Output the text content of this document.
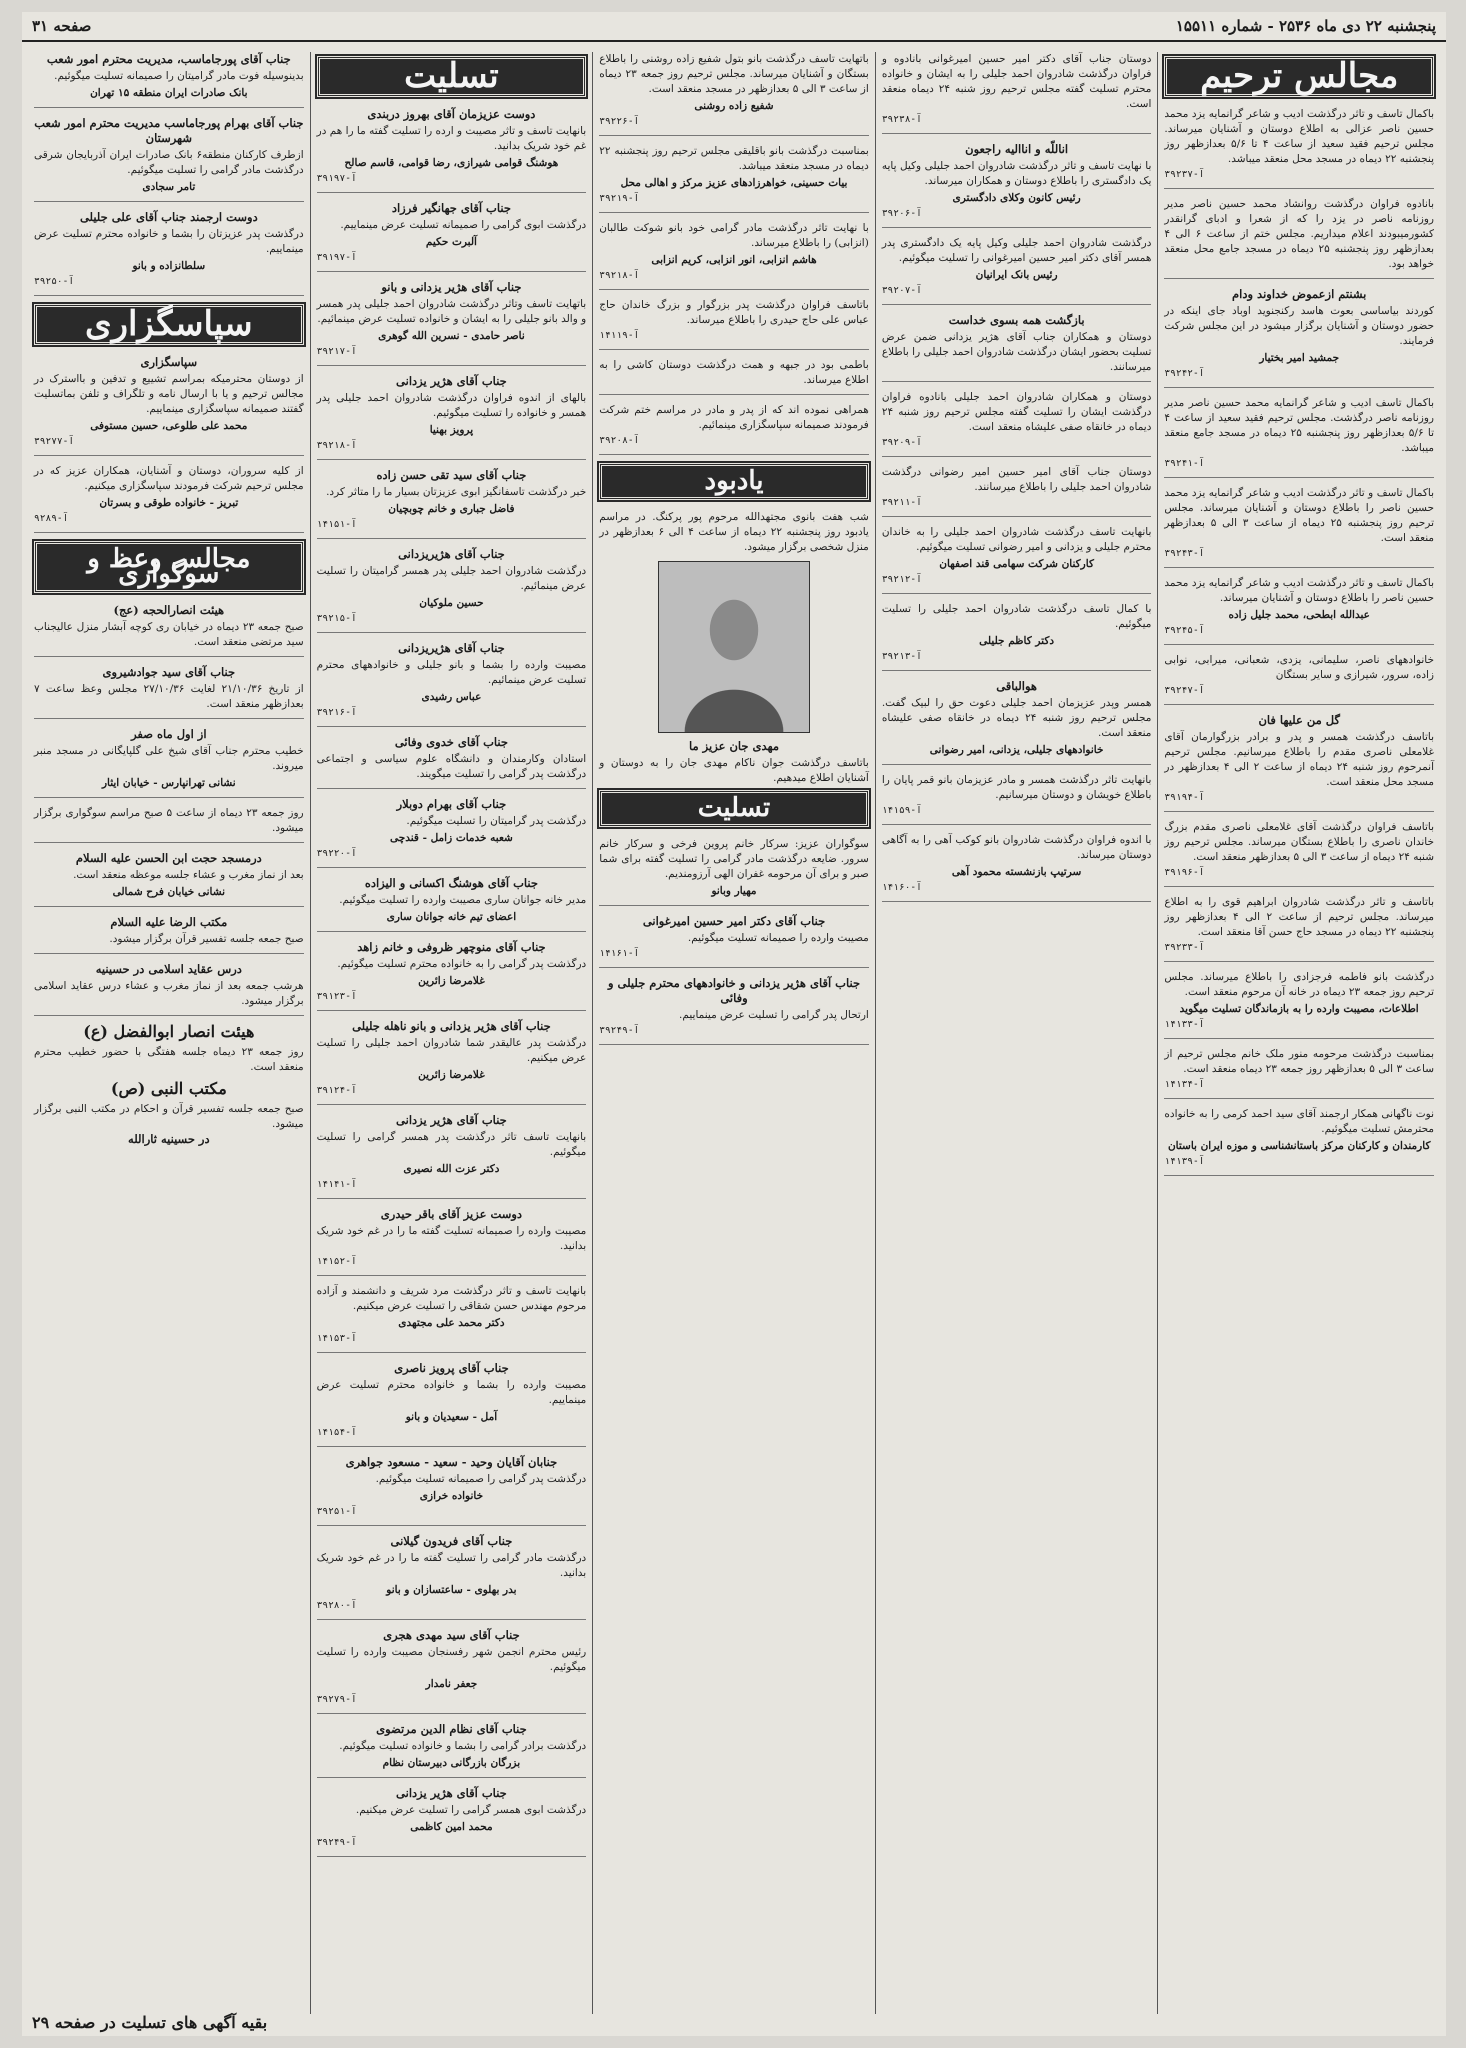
پنجشنبه ۲۲ دی ماه ۲۵۳۶ - شماره ۱۵۵۱۱
صفحه ۳۱
مجالس ترحیم
باکمال تاسف و تاثر درگذشت ادیب و شاعر گرانمایه یزد محمد حسین ناصر عزالی به اطلاع دوستان و آشنایان میرساند. مجلس ترحیم فقید سعید از ساعت ۴ تا ۵/۶ بعدازظهر روز پنجشنبه ۲۲ دیماه در مسجد محل منعقد میباشد.
آ-۳۹۲۳۷
بانادوه فراوان درگذشت روانشاد محمد حسین ناصر مدیر روزنامه ناصر در یزد را که از شعرا و ادبای گرانقدر کشورمیبودند اعلام میداریم. مجلس ختم از ساعت ۶ الی ۴ بعدازظهر روز پنجشنبه ۲۵ دیماه در مسجد جامع محل منعقد خواهد بود.
بشنتم ازعموض خداوند ودام
کوردند بیاساسی بعوت هاسد رکنجنوید اوباد جای اینکه در حضور دوستان و آشنایان برگزار میشود در این مجلس شرکت فرمایند.
جمشید امیر بختیار
آ-۳۹۲۴۲
باکمال تاسف ادیب و شاعر گرانمایه محمد حسین ناصر مدیر روزنامه ناصر درگذشت. مجلس ترحیم فقید سعید از ساعت ۴ تا ۵/۶ بعدازظهر روز پنجشنبه ۲۵ دیماه در مسجد جامع منعقد میباشد.
آ-۳۹۲۴۱
باکمال تاسف و تاثر درگذشت ادیب و شاعر گرانمایه یزد محمد حسین ناصر را باطلاع دوستان و آشنایان میرساند. مجلس ترحیم روز پنجشنبه ۲۵ دیماه از ساعت ۳ الی ۵ بعدازظهر منعقد است.
آ-۳۹۲۴۳
باکمال تاسف و تاثر درگذشت ادیب و شاعر گرانمایه یزد محمد حسین ناصر را باطلاع دوستان و آشنایان میرساند.
عبدالله ابطحی، محمد جلیل زاده
آ-۳۹۲۴۵
خانوادههای ناصر، سلیمانی، یزدی، شعبانی، میرابی، نوابی زاده، سرور، شیرازی و سایر بستگان
آ-۳۹۲۴۷
گل من علیها فان
باتاسف درگذشت همسر و پدر و برادر بزرگوارمان آقای غلامعلی ناصری مقدم را باطلاع میرسانیم. مجلس ترحیم آنمرحوم روز شنبه ۲۴ دیماه از ساعت ۲ الی ۴ بعدازظهر در مسجد محل منعقد است.
آ-۳۹۱۹۴
باتاسف فراوان درگذشت آقای غلامعلی ناصری مقدم بزرگ خاندان ناصری را باطلاع بستگان میرساند. مجلس ترحیم روز شنبه ۲۴ دیماه از ساعت ۳ الی ۵ بعدازظهر منعقد است.
آ-۳۹۱۹۶
باتاسف و تاثر درگذشت شادروان ابراهیم قوی را به اطلاع میرساند. مجلس ترحیم از ساعت ۲ الی ۴ بعدازظهر روز پنجشنبه ۲۲ دیماه در مسجد حاج حسن آقا منعقد است.
آ-۳۹۲۳۳
درگذشت بانو فاطمه فرجزادی را باطلاع میرساند. مجلس ترحیم روز جمعه ۲۳ دیماه در خانه آن مرحوم منعقد است.
اطلاعات، مصیبت وارده را به بازماندگان تسلیت میگوید
آ-۱۴۱۳۳
بمناسبت درگذشت مرحومه منور ملک خانم مجلس ترحیم از ساعت ۳ الی ۵ بعدازظهر روز جمعه ۲۳ دیماه منعقد است.
آ-۱۴۱۳۴
نوت ناگهانی همکار ارجمند آقای سید احمد کرمی را به خانواده محترمش تسلیت میگوئیم.
کارمندان و کارکنان مرکز باستانشناسی و موزه ایران باستان
آ-۱۴۱۳۹
دوستان جناب آقای دکتر امیر حسین امیرغوانی بانادوه و فراوان درگذشت شادروان احمد جلیلی را به ایشان و خانواده محترم تسلیت گفته مجلس ترحیم روز شنبه ۲۴ دیماه منعقد است.
آ-۳۹۲۳۸
اناللّه و اناالیه راجعون
با نهایت تاسف و تاثر درگذشت شادروان احمد جلیلی وکیل پایه یک دادگستری را باطلاع دوستان و همکاران میرساند.
رئیس کانون وکلای دادگستری
آ-۳۹۲۰۶
درگذشت شادروان احمد جلیلی وکیل پایه یک دادگستری پدر همسر آقای دکتر امیر حسین امیرغوانی را تسلیت میگوئیم.
رئیس بانک ایرانیان
آ-۳۹۲۰۷
بازگشت همه بسوی خداست
دوستان و همکاران جناب آقای هژیر یزدانی ضمن عرض تسلیت بحضور ایشان درگذشت شادروان احمد جلیلی را باطلاع میرسانند.
دوستان و همکاران شادروان احمد جلیلی بانادوه فراوان درگذشت ایشان را تسلیت گفته مجلس ترحیم روز شنبه ۲۴ دیماه در خانقاه صفی علیشاه منعقد است.
آ-۳۹۲۰۹
دوستان جناب آقای امیر حسین امیر رضوانی درگذشت شادروان احمد جلیلی را باطلاع میرسانند.
آ-۳۹۲۱۱
بانهایت تاسف درگذشت شادروان احمد جلیلی را به خاندان محترم جلیلی و یزدانی و امیر رضوانی تسلیت میگوئیم.
کارکنان شرکت سهامی قند اصفهان
آ-۳۹۲۱۲
با کمال تاسف درگذشت شادروان احمد جلیلی را تسلیت میگوئیم.
دکتر کاظم جلیلی
آ-۳۹۲۱۳
هوالباقی
همسر وپدر عزیزمان احمد جلیلی دعوت حق را لبیک گفت. مجلس ترحیم روز شنبه ۲۴ دیماه در خانقاه صفی علیشاه منعقد است.
خانوادههای جلیلی، یزدانی، امیر رضوانی
بانهایت تاثر درگذشت همسر و مادر عزیزمان بانو قمر پایان را باطلاع خویشان و دوستان میرسانیم.
آ-۱۴۱۵۹
با اندوه فراوان درگذشت شادروان بانو کوکب آهی را به آگاهی دوستان میرساند.
سرتیپ بازنشسته محمود آهی
آ-۱۴۱۶۰
باتهایت تاسف درگذشت بانو بتول شفیع زاده روشنی را باطلاع بستگان و آشنایان میرساند. مجلس ترحیم روز جمعه ۲۳ دیماه از ساعت ۳ الی ۵ بعدازظهر در مسجد منعقد است.
شفیع زاده روشنی
آ-۳۹۲۲۶
بمناسبت درگذشت بانو باقلیقی مجلس ترحیم روز پنجشنبه ۲۲ دیماه در مسجد منعقد میباشد.
بیات حسینی، خواهرزادهای عزیز مرکز و اهالی محل
آ-۳۹۲۱۹
با نهایت تاثر درگذشت مادر گرامی خود بانو شوکت طالبان (انزابی) را باطلاع میرساند.
هاشم انزابی، انور انزابی، کریم انزابی
آ-۳۹۲۱۸
باتاسف فراوان درگذشت پدر بزرگوار و بزرگ خاندان حاج عباس علی حاج حیدری را باطلاع میرساند.
آ-۱۴۱۱۹
باطمی بود در جبهه و همت درگذشت دوستان کاشی را به اطلاع میرساند.
همراهی نموده اند که از پدر و مادر در مراسم ختم شرکت فرمودند صمیمانه سپاسگزاری مینمائیم.
آ-۳۹۲۰۸
یادبود
شب هفت بانوی مجتهدالله مرحوم پور پرکنگ. در مراسم یادبود روز پنجشنبه ۲۲ دیماه از ساعت ۴ الی ۶ بعدازظهر در منزل شخصی برگزار میشود.
مهدی جان عزیز ما
باتاسف درگذشت جوان ناکام مهدی جان را به دوستان و آشنایان اطلاع میدهیم.
تسلیت
سوگواران عزیز: سرکار خانم پروین فرخی و سرکار خانم سرور. ضایعه درگذشت مادر گرامی را تسلیت گفته برای شما صبر و برای آن مرحومه غفران الهی آرزومندیم.
مهیار وبانو
جناب آقای دکتر امیر حسین امیرغوانی
مصیبت وارده را صمیمانه تسلیت میگوئیم.
آ-۱۴۱۶۱
جناب آقای هژیر یزدانی و خانوادههای محترم جلیلی و وفائی
ارتحال پدر گرامی را تسلیت عرض مینماییم.
آ-۳۹۲۴۹
تسلیت
دوست عزیزمان آقای بهروز دربندی
بانهایت تاسف و تاثر مصیبت و ارده را تسلیت گفته ما را هم در غم خود شریک بدانید.
هوشنگ قوامی شیرازی، رضا قوامی، قاسم صالح
آ-۳۹۱۹۷
جناب آقای جهانگیر فرزاد
درگذشت ابوی گرامی را صمیمانه تسلیت عرض مینماییم.
آلبرت حکیم
آ-۳۹۱۹۷
جناب آقای هژیر یزدانی و بانو
باتهایت تاسف وتاثر درگذشت شادروان احمد جلیلی پدر همسر و والد بانو جلیلی را به ایشان و خانواده تسلیت عرض مینمائیم.
ناصر حامدی - نسرین الله گوهری
آ-۳۹۲۱۷
جناب آقای هژیر یزدانی
بالهای از اندوه فراوان درگذشت شادروان احمد جلیلی پدر همسر و خانواده را تسلیت میگوئیم.
پرویز بهنیا
آ-۳۹۲۱۸
جناب آقای سید تقی حسن زاده
خبر درگذشت تاسفانگیز ابوی عزیزتان بسیار ما را متاثر کرد.
فاضل جباری و خانم چوبچیان
آ-۱۴۱۵۱
جناب آقای هژیریزدانی
درگذشت شادروان احمد جلیلی پدر همسر گرامیتان را تسلیت عرض مینمائیم.
حسین ملوکیان
آ-۳۹۲۱۵
جناب آقای هژیریزدانی
مصیبت وارده را بشما و بانو جلیلی و خانوادههای محترم تسلیت عرض مینمائیم.
عباس رشیدی
آ-۳۹۲۱۶
جناب آقای خدوی وفائی
استادان وکارمندان و دانشگاه علوم سیاسی و اجتماعی درگذشت پدر گرامی را تسلیت میگویند.
جناب آقای بهرام دوبلار
درگذشت پدر گرامیتان را تسلیت میگوئیم.
شعبه خدمات زامل - قندچی
آ-۳۹۲۲۰
جناب آقای هوشنگ اکسانی و الیزاده
مدیر خانه جوانان ساری مصیبت وارده را تسلیت میگوئیم.
اعضای تیم خانه جوانان ساری
جناب آقای منوچهر ظروفی و خانم زاهد
درگذشت پدر گرامی را به خانواده محترم تسلیت میگوئیم.
غلامرضا زائرین
آ-۳۹۱۲۳
جناب آقای هژیر یزدانی و بانو ناهله جلیلی
درگذشت پدر عالیقدر شما شادروان احمد جلیلی را تسلیت عرض میکنیم.
غلامرضا زائرین
آ-۳۹۱۲۴
جناب آقای هژیر یزدانی
بانهایت تاسف تاثر درگذشت پدر همسر گرامی را تسلیت میگوئیم.
دکتر عزت الله نصیری
آ-۱۴۱۴۱
دوست عزیز آقای باقر حیدری
مصیبت وارده را صمیمانه تسلیت گفته ما را در غم خود شریک بدانید.
آ-۱۴۱۵۲
بانهایت تاسف و تاثر درگذشت مرد شریف و دانشمند و آزاده مرحوم مهندس حسن شقاقی را تسلیت عرض میکنیم.
دکتر محمد علی مجتهدی
آ-۱۴۱۵۳
جناب آقای پرویز ناصری
مصیبت وارده را بشما و خانواده محترم تسلیت عرض مینماییم.
آمل - سعیدیان و بانو
آ-۱۴۱۵۴
جنابان آقایان وحید - سعید - مسعود جواهری
درگذشت پدر گرامی را صمیمانه تسلیت میگوئیم.
خانواده خرازی
آ-۳۹۲۵۱
جناب آقای فریدون گیلانی
درگذشت مادر گرامی را تسلیت گفته ما را در غم خود شریک بدانید.
بدر بهلوی - ساعتسازان و بانو
آ-۳۹۲۸۰
جناب آقای سید مهدی هجری
رئیس محترم انجمن شهر رفسنجان مصیبت وارده را تسلیت میگوئیم.
جعفر نامدار
آ-۳۹۲۷۹
جناب آقای نظام الدین مرتضوی
درگذشت برادر گرامی را بشما و خانواده تسلیت میگوئیم.
بزرگان بازرگانی دبیرستان نظام
جناب آقای هژیر یزدانی
درگذشت ابوی همسر گرامی را تسلیت عرض میکنیم.
محمد امین کاظمی
آ-۳۹۲۴۹
جناب آقای پورجاماسب، مدیریت محترم امور شعب
بدینوسیله فوت مادر گرامیتان را صمیمانه تسلیت میگوئیم.
بانک صادرات ایران منطقه ۱۵ تهران
جناب آقای بهرام پورجاماسب مدیریت محترم امور شعب شهرستان
ازطرف کارکنان منطقه۶ بانک صادرات ایران آذربایجان شرقی درگذشت مادر گرامی را تسلیت میگوئیم.
تامر سجادی
دوست ارجمند جناب آقای علی جلیلی
درگذشت پدر عزیزتان را بشما و خانواده محترم تسلیت عرض مینماییم.
سلطانزاده و بانو
آ-۳۹۲۵۰
سپاسگزاری
سپاسگزاری
از دوستان محترمیکه بمراسم تشییع و تدفین و بااسترک در مجالس ترحیم و یا با ارسال نامه و تلگراف و تلفن بماتسلیت گفتند صمیمانه سپاسگزاری مینماییم.
محمد علی طلوعی، حسین مستوفی
آ-۳۹۲۷۷
از کلیه سروران، دوستان و آشنایان، همکاران عزیز که در مجلس ترحیم شرکت فرمودند سپاسگزاری میکنیم.
تبریز - خانواده طوقی و بسرتان
آ-۹۲۸۹
مجالس وعظ و سوگواری
هیئت انصارالحجه (عج)
صبح جمعه ۲۳ دیماه در خیابان ری کوچه آبشار منزل عالیجناب سید مرتضی منعقد است.
جناب آقای سید جوادشیروی
از تاریخ ۲۱/۱۰/۳۶ لغایت ۲۷/۱۰/۳۶ مجلس وعظ ساعت ۷ بعدازظهر منعقد است.
از اول ماه صفر
خطیب محترم جناب آقای شیخ علی گلپایگانی در مسجد منبر میروند.
نشانی تهرانپارس - خیابان ایثار
روز جمعه ۲۳ دیماه از ساعت ۵ صبح مراسم سوگواری برگزار میشود.
درمسجد حجت ابن الحسن علیه السلام
بعد از نماز مغرب و عشاء جلسه موعظه منعقد است.
نشانی خیابان فرح شمالی
مکتب الرضا علیه السلام
صبح جمعه جلسه تفسیر قرآن برگزار میشود.
درس عقاید اسلامی در حسینیه
هرشب جمعه بعد از نماز مغرب و عشاء درس عقاید اسلامی برگزار میشود.
هیئت انصار ابوالفضل (ع)
روز جمعه ۲۳ دیماه جلسه هفتگی با حضور خطیب محترم منعقد است.
مکتب النبی (ص)
صبح جمعه جلسه تفسیر قرآن و احکام در مکتب النبی برگزار میشود.
در حسینیه ثارالله
بقیه آگهی های تسلیت در صفحه ۲۹
